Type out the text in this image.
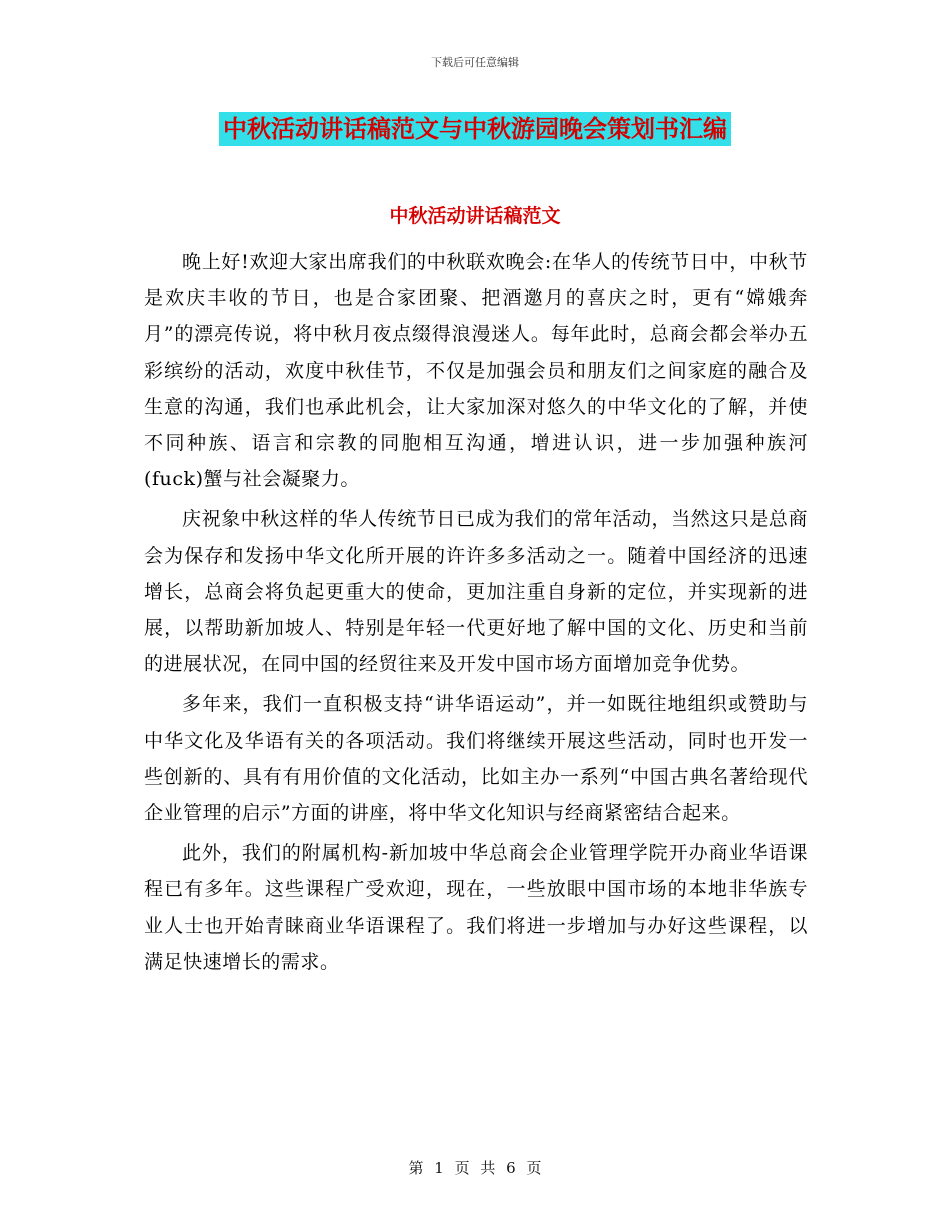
下载后可任意编辑
中秋活动讲话稿范文与中秋游园晚会策划书汇编
中秋活动讲话稿范文

晚上好!欢迎大家出席我们的中秋联欢晚会:在华人的传统节日中，中秋节是欢庆丰收的节日，也是合家团聚、把酒邀月的喜庆之时，更有“嫦娥奔月”的漂亮传说，将中秋月夜点缀得浪漫迷人。每年此时，总商会都会举办五彩缤纷的活动，欢度中秋佳节，不仅是加强会员和朋友们之间家庭的融合及生意的沟通，我们也承此机会，让大家加深对悠久的中华文化的了解，并使不同种族、语言和宗教的同胞相互沟通，增进认识，进一步加强种族河(fuck)蟹与社会凝聚力。

庆祝象中秋这样的华人传统节日已成为我们的常年活动，当然这只是总商会为保存和发扬中华文化所开展的许许多多活动之一。随着中国经济的迅速增长，总商会将负起更重大的使命，更加注重自身新的定位，并实现新的进展，以帮助新加坡人、特别是年轻一代更好地了解中国的文化、历史和当前的进展状况，在同中国的经贸往来及开发中国市场方面增加竞争优势。

多年来，我们一直积极支持“讲华语运动”，并一如既往地组织或赞助与中华文化及华语有关的各项活动。我们将继续开展这些活动，同时也开发一些创新的、具有有用价值的文化活动，比如主办一系列“中国古典名著给现代企业管理的启示”方面的讲座，将中华文化知识与经商紧密结合起来。

此外，我们的附属机构-新加坡中华总商会企业管理学院开办商业华语课程已有多年。这些课程广受欢迎，现在，一些放眼中国市场的本地非华族专业人士也开始青睐商业华语课程了。我们将进一步增加与办好这些课程，以满足快速增长的需求。

第 1 页 共 6 页
